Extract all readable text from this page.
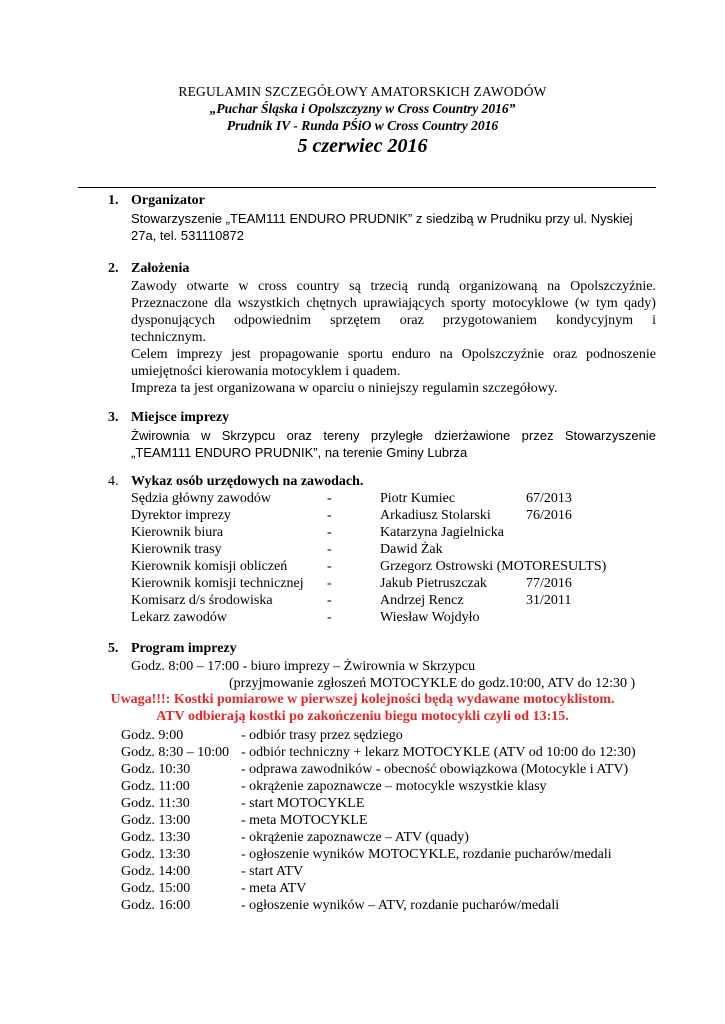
REGULAMIN SZCZEGÓŁOWY AMATORSKICH ZAWODÓW
„Puchar Śląska i Opolszczyzny w Cross Country 2016”
Prudnik IV - Runda PŚiO w Cross Country 2016
5 czerwiec 2016
1. Organizator
Stowarzyszenie „TEAM111 ENDURO PRUDNIK” z siedzibą w Prudniku przy ul. Nyskiej
27a, tel. 531110872
2. Założenia
Zawody otwarte w cross country są trzecią rundą organizowaną na Opolszczyźnie.
Przeznaczone dla wszystkich chętnych uprawiających sporty motocyklowe (w tym qady)
dysponujących odpowiednim sprzętem oraz przygotowaniem kondycyjnym i
technicznym.
Celem imprezy jest propagowanie sportu enduro na Opolszczyźnie oraz podnoszenie
umiejętności kierowania motocyklem i quadem.
Impreza ta jest organizowana w oparciu o niniejszy regulamin szczegółowy.
3. Miejsce imprezy
Żwirownia w Skrzypcu oraz tereny przyległe dzierżawione przez Stowarzyszenie
„TEAM111 ENDURO PRUDNIK”, na terenie Gminy Lubrza
4. Wykaz osób urzędowych na zawodach.
Sędzia główny zawodów	-	Piotr Kumiec	67/2013
Dyrektor imprezy	-	Arkadiusz Stolarski	76/2016
Kierownik biura	-	Katarzyna Jagielnicka
Kierownik trasy	-	Dawid Żak
Kierownik komisji obliczeń	-	Grzegorz Ostrowski (MOTORESULTS)
Kierownik komisji technicznej -	Jakub Pietruszczak	77/2016
Komisarz d/s środowiska	-	Andrzej Rencz	31/2011
Lekarz zawodów	-	Wiesław Wojdyło
5. Program imprezy
Godz. 8:00 – 17:00 - biuro imprezy – Żwirownia w Skrzypcu
(przyjmowanie zgłoszeń MOTOCYKLE do godz.10:00, ATV do 12:30 )
Uwaga!!!: Kostki pomiarowe w pierwszej kolejności będą wydawane motocyklistom.
ATV odbierają kostki po zakończeniu biegu motocykli czyli od 13:15.
Godz. 9:00	- odbiór trasy przez sędziego
Godz. 8:30 – 10:00 - odbiór techniczny + lekarz MOTOCYKLE (ATV od 10:00 do 12:30)
Godz. 10:30	- odprawa zawodników - obecność obowiązkowa (Motocykle i ATV)
Godz. 11:00	- okrążenie zapoznawcze – motocykle wszystkie klasy
Godz. 11:30	- start MOTOCYKLE
Godz. 13:00	- meta MOTOCYKLE
Godz. 13:30	- okrążenie zapoznawcze – ATV (quady)
Godz. 13:30	- ogłoszenie wyników MOTOCYKLE, rozdanie pucharów/medali
Godz. 14:00	- start ATV
Godz. 15:00	- meta ATV
Godz. 16:00	- ogłoszenie wyników – ATV, rozdanie pucharów/medali
